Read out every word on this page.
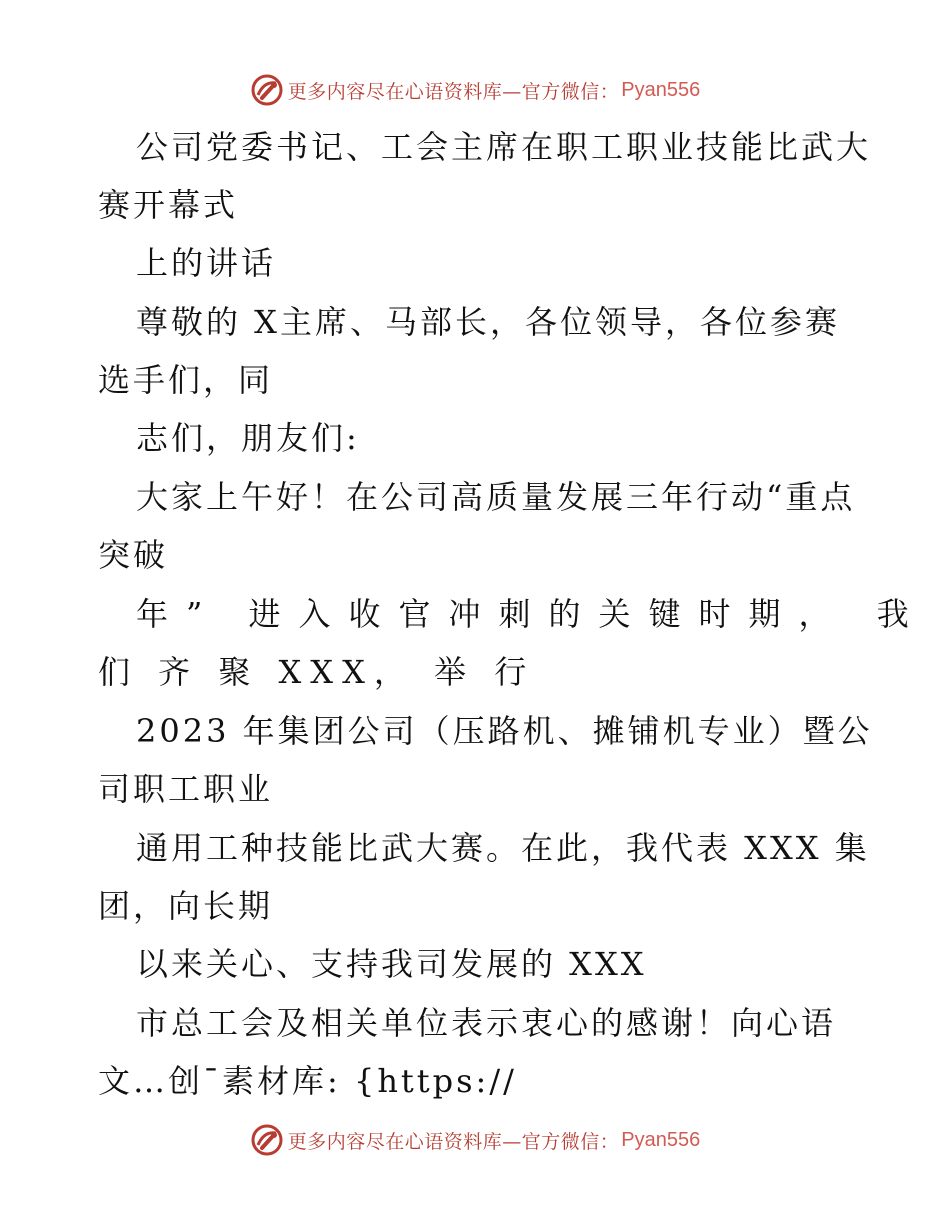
更多内容尽在心语资料库—官方微信： Pyan556
公司党委书记、工会主席在职工职业技能比武大
赛开幕式
上的讲话
尊敬的 X主席、马部长，各位领导，各位参赛
选手们，同
志们，朋友们:
大家上午好！在公司高质量发展三年行动“重点
突破
年” 进入收官冲刺的关键时期， 我
们 齐 聚 XXX， 举 行
2023 年集团公司（压路机、摊铺机专业）暨公
司职工职业
通用工种技能比武大赛。在此，我代表 XXX 集
团，向长期
以来关心、支持我司发展的 XXX
市总工会及相关单位表示衷心的感谢！向心语
文…创¯素材库: {https://
更多内容尽在心语资料库—官方微信： Pyan556
